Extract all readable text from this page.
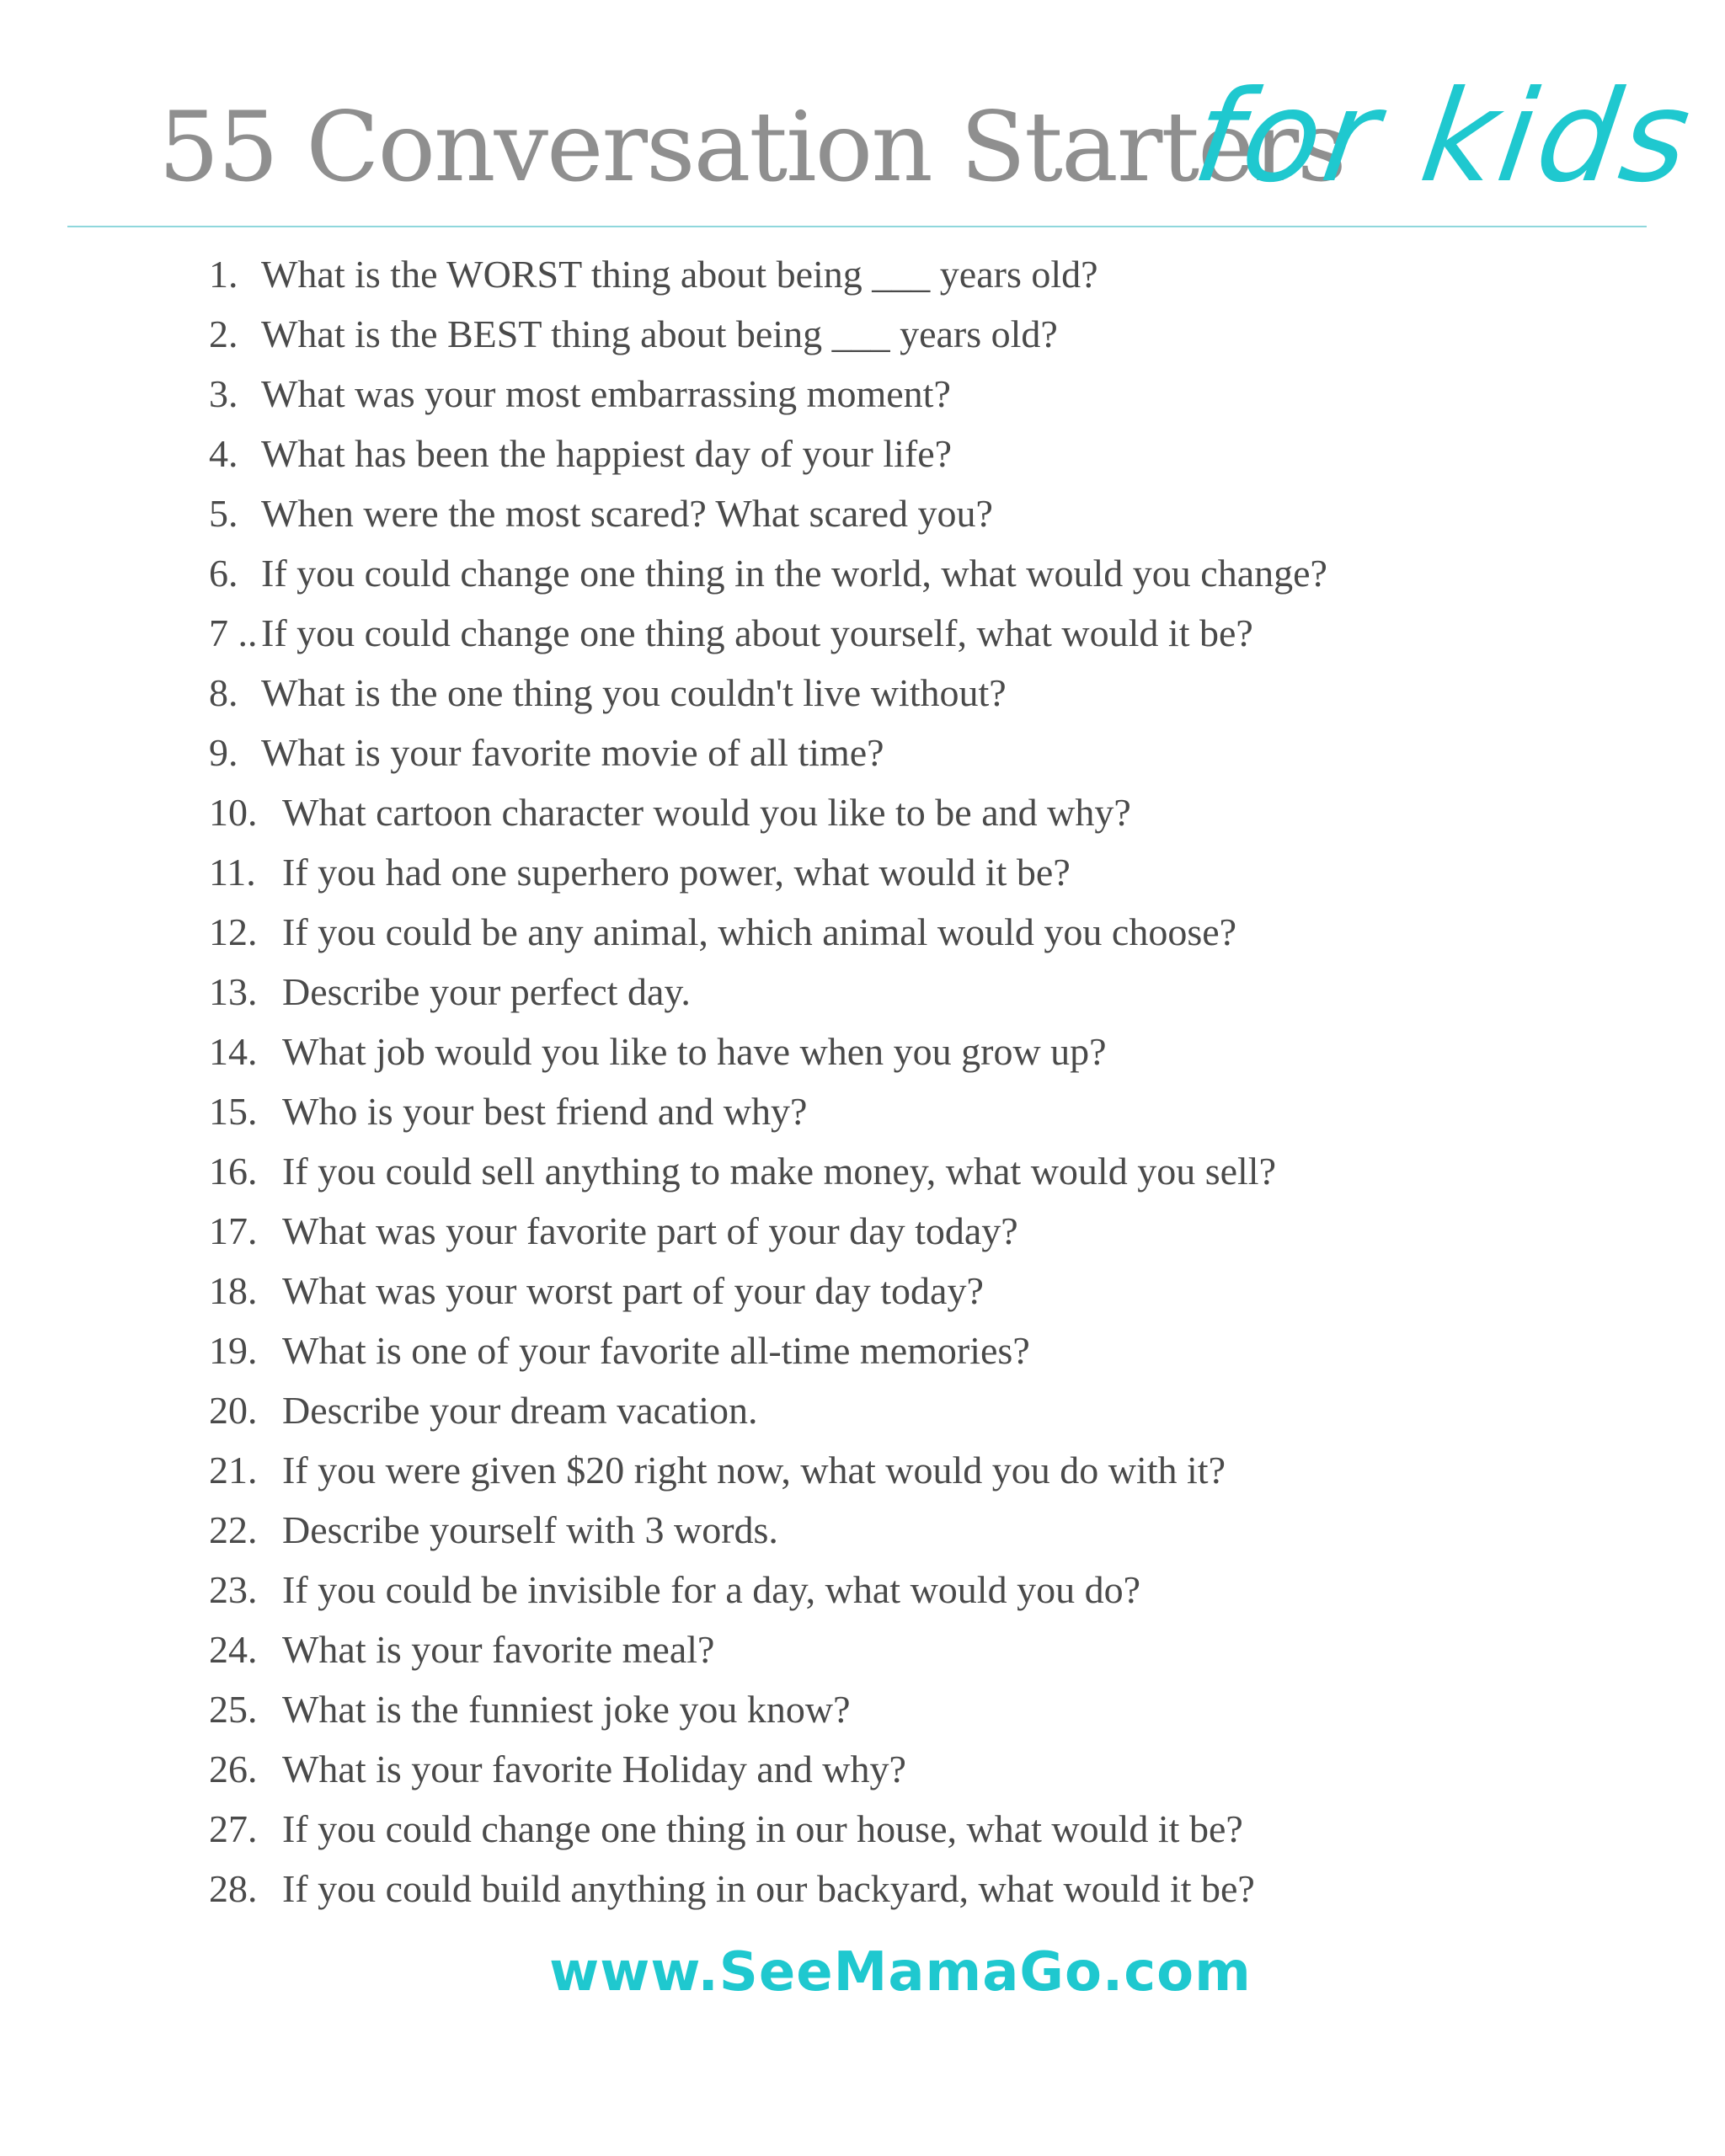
55 Conversation Starters
for kids
1. What is the WORST thing about being ___ years old?
2. What is the BEST thing about being ___ years old?
3. What was your most embarrassing moment?
4. What has been the happiest day of your life?
5. When were the most scared? What scared you?
6. If you could change one thing in the world, what would you change?
7 ..If you could change one thing about yourself, what would it be?
8. What is the one thing you couldn't live without?
9. What is your favorite movie of all time?
10. What cartoon character would you like to be and why?
11. If you had one superhero power, what would it be?
12. If you could be any animal, which animal would you choose?
13. Describe your perfect day.
14. What job would you like to have when you grow up?
15. Who is your best friend and why?
16. If you could sell anything to make money, what would you sell?
17. What was your favorite part of your day today?
18. What was your worst part of your day today?
19. What is one of your favorite all-time memories?
20. Describe your dream vacation.
21. If you were given $20 right now, what would you do with it?
22. Describe yourself with 3 words.
23. If you could be invisible for a day, what would you do?
24. What is your favorite meal?
25. What is the funniest joke you know?
26. What is your favorite Holiday and why?
27. If you could change one thing in our house, what would it be?
28. If you could build anything in our backyard, what would it be?
www.SeeMamaGo.com
